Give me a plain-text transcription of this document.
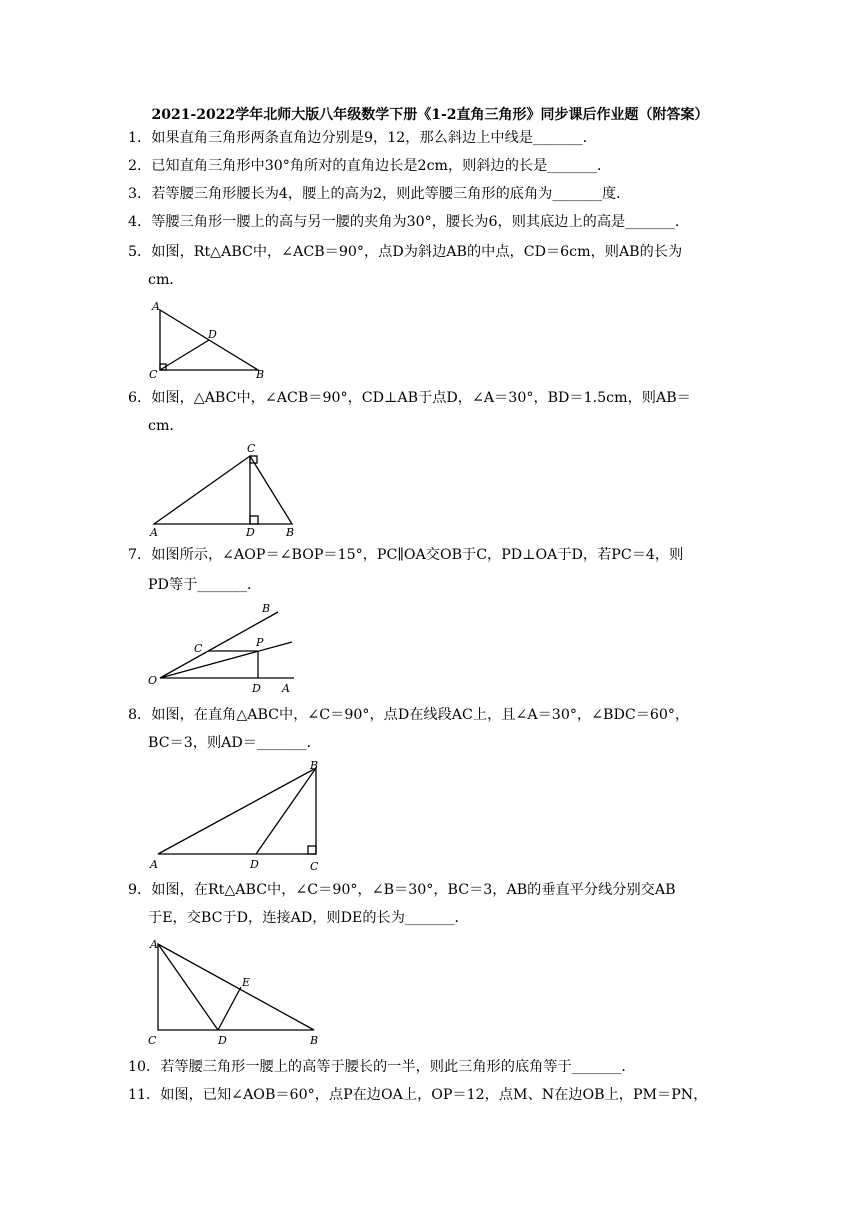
2021-2022学年北师大版八年级数学下册《1-2直角三角形》同步课后作业题（附答案）
1．如果直角三角形两条直角边分别是9，12，那么斜边上中线是_______．
2．已知直角三角形中30°角所对的直角边长是2cm，则斜边的长是_______．
3．若等腰三角形腰长为4，腰上的高为2，则此等腰三角形的底角为_______度．
4．等腰三角形一腰上的高与另一腰的夹角为30°，腰长为6，则其底边上的高是_______．
5．如图，Rt△ABC中，∠ACB＝90°，点D为斜边AB的中点，CD＝6cm，则AB的长为
cm．
A
D
C	B
6．如图，△ABC中，∠ACB＝90°，CD⊥AB于点D，∠A＝30°，BD＝1.5cm，则AB＝
cm．
C
A	D	B
7．如图所示，∠AOP＝∠BOP＝15°，PC∥OA交OB于C，PD⊥OA于D，若PC＝4，则
PD等于_______．
B
C	P
O
D A
8．如图，在直角△ABC中，∠C＝90°，点D在线段AC上，且∠A＝30°，∠BDC＝60°，
BC＝3，则AD＝_______．
B
A	D	C
9．如图，在Rt△ABC中，∠C＝90°，∠B＝30°，BC＝3，AB的垂直平分线分别交AB
于E，交BC于D，连接AD，则DE的长为_______．
A
E
C	D	B
10．若等腰三角形一腰上的高等于腰长的一半，则此三角形的底角等于_______．
11．如图，已知∠AOB＝60°，点P在边OA上，OP＝12，点M、N在边OB上，PM＝PN，
